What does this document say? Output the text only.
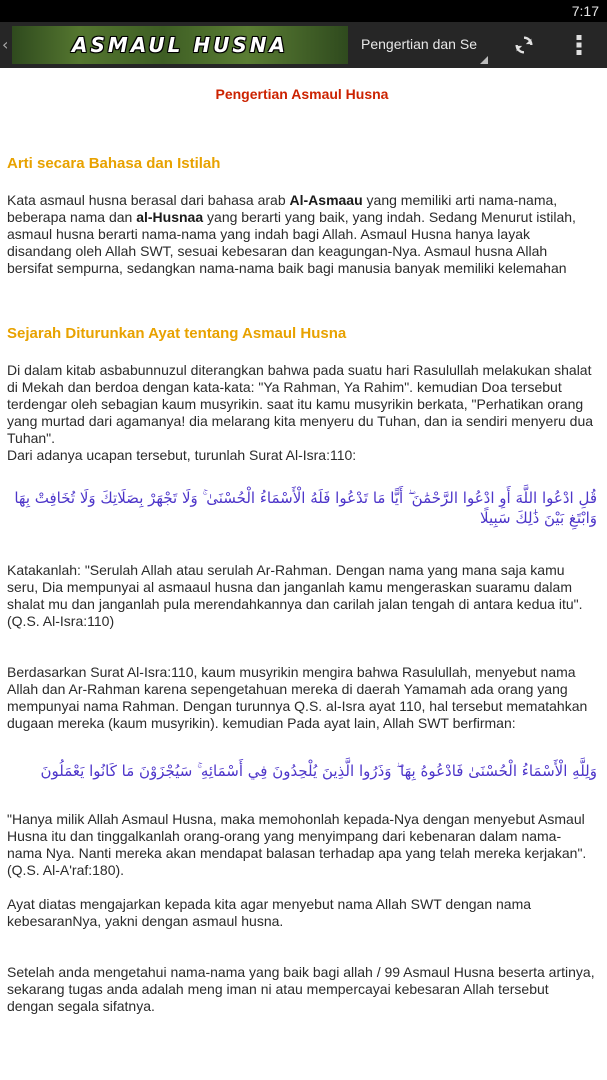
7:17
‹	ASMAUL HUSNA	Pengertian dan Se
Pengertian Asmaul Husna
Arti secara Bahasa dan Istilah
Kata asmaul husna berasal dari bahasa arab Al-Asmaau yang memiliki arti nama-nama, beberapa nama dan al-Husnaa yang berarti yang baik, yang indah. Sedang Menurut istilah, asmaul husna berarti nama-nama yang indah bagi Allah. Asmaul Husna hanya layak disandang oleh Allah SWT, sesuai kebesaran dan keagungan-Nya. Asmaul husna Allah bersifat sempurna, sedangkan nama-nama baik bagi manusia banyak memiliki kelemahan
Sejarah Diturunkan Ayat tentang Asmaul Husna
Di dalam kitab asbabunnuzul diterangkan bahwa pada suatu hari Rasulullah melakukan shalat di Mekah dan berdoa dengan kata-kata: "Ya Rahman, Ya Rahim". kemudian Doa tersebut terdengar oleh sebagian kaum musyrikin. saat itu kamu musyrikin berkata, "Perhatikan orang yang murtad dari agamanya! dia melarang kita menyeru du Tuhan, dan ia sendiri menyeru dua Tuhan".
Dari adanya ucapan tersebut, turunlah Surat Al-Isra:110:
قُلِ ادْعُوا اللَّهَ أَوِ ادْعُوا الرَّحْمَٰنَ ۖ أَيًّا مَا تَدْعُوا فَلَهُ الْأَسْمَاءُ الْحُسْنَىٰ ۚ وَلَا تَجْهَرْ بِصَلَاتِكَ وَلَا تُخَافِتْ بِهَا وَابْتَغِ بَيْنَ ذَٰلِكَ سَبِيلًا
Katakanlah: "Serulah Allah atau serulah Ar-Rahman. Dengan nama yang mana saja kamu seru, Dia mempunyai al asmaaul husna dan janganlah kamu mengeraskan suaramu dalam shalat mu dan janganlah pula merendahkannya dan carilah jalan tengah di antara kedua itu".(Q.S. Al-Isra:110)
Berdasarkan Surat Al-Isra:110, kaum musyrikin mengira bahwa Rasulullah, menyebut nama Allah dan Ar-Rahman karena sepengetahuan mereka di daerah Yamamah ada orang yang mempunyai nama Rahman. Dengan turunnya Q.S. al-Isra ayat 110, hal tersebut mematahkan dugaan mereka (kaum musyrikin). kemudian Pada ayat lain, Allah SWT berfirman:
وَلِلَّهِ الْأَسْمَاءُ الْحُسْنَىٰ فَادْعُوهُ بِهَا ۖ وَذَرُوا الَّذِينَ يُلْحِدُونَ فِي أَسْمَائِهِ ۚ سَيُجْزَوْنَ مَا كَانُوا يَعْمَلُونَ
"Hanya milik Allah Asmaul Husna, maka memohonlah kepada-Nya dengan menyebut Asmaul Husna itu dan tinggalkanlah orang-orang yang menyimpang dari kebenaran dalam nama-nama Nya. Nanti mereka akan mendapat balasan terhadap apa yang telah mereka kerjakan". (Q.S. Al-A'raf:180).
Ayat diatas mengajarkan kepada kita agar menyebut nama Allah SWT dengan nama kebesaranNya, yakni dengan asmaul husna.
Setelah anda mengetahui nama-nama yang baik bagi allah / 99 Asmaul Husna beserta artinya, sekarang tugas anda adalah meng iman ni atau mempercayai kebesaran Allah tersebut dengan segala sifatnya.
